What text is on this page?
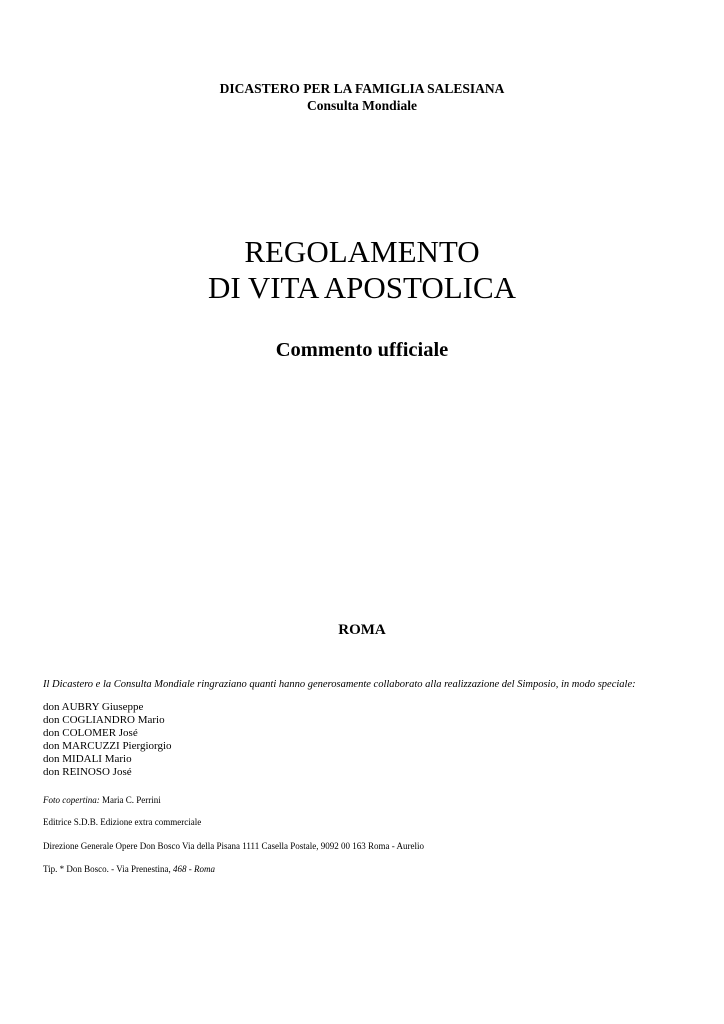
DICASTERO PER LA FAMIGLIA SALESIANA
Consulta Mondiale
REGOLAMENTO
DI VITA APOSTOLICA
Commento ufficiale
ROMA
Il Dicastero e la Consulta Mondiale ringraziano quanti hanno generosamente collaborato alla realizzazione del Simposio, in modo speciale:
don AUBRY Giuseppe
don COGLIANDRO Mario
don COLOMER José
don MARCUZZI Piergiorgio
don MIDALI Mario
don REINOSO José
Foto copertina: Maria C. Perrini
Editrice S.D.B. Edizione extra commerciale
Direzione Generale Opere Don Bosco Via della Pisana 1111 Casella Postale, 9092 00 163 Roma - Aurelio
Tip. * Don Bosco. - Via Prenestina, 468 - Roma
